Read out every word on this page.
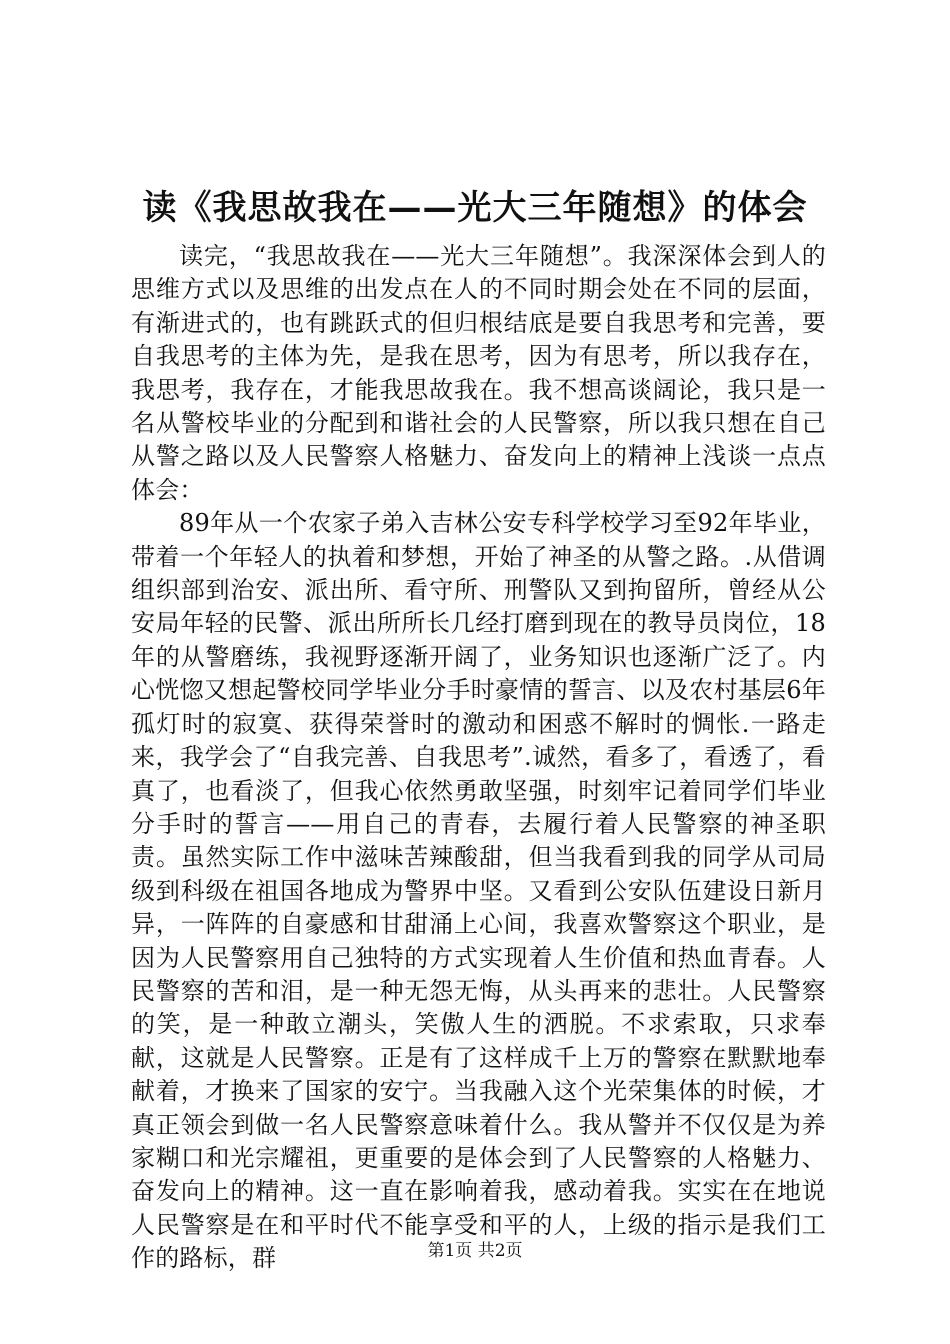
读《我思故我在——光大三年随想》的体会

读完，“我思故我在——光大三年随想”。我深深体会到人的思维方式以及思维的出发点在人的不同时期会处在不同的层面，有渐进式的，也有跳跃式的但归根结底是要自我思考和完善，要自我思考的主体为先，是我在思考，因为有思考，所以我存在，我思考，我存在，才能我思故我在。我不想高谈阔论，我只是一名从警校毕业的分配到和谐社会的人民警察，所以我只想在自己从警之路以及人民警察人格魅力、奋发向上的精神上浅谈一点点体会：

89年从一个农家子弟入吉林公安专科学校学习至92年毕业，带着一个年轻人的执着和梦想，开始了神圣的从警之路。.从借调组织部到治安、派出所、看守所、刑警队又到拘留所，曾经从公安局年轻的民警、派出所所长几经打磨到现在的教导员岗位，18年的从警磨练，我视野逐渐开阔了，业务知识也逐渐广泛了。内心恍惚又想起警校同学毕业分手时豪情的誓言、以及农村基层6年孤灯时的寂寞、获得荣誉时的激动和困惑不解时的惆怅.一路走来，我学会了“自我完善、自我思考”.诚然，看多了，看透了，看真了，也看淡了，但我心依然勇敢坚强，时刻牢记着同学们毕业分手时的誓言——用自己的青春，去履行着人民警察的神圣职责。虽然实际工作中滋味苦辣酸甜，但当我看到我的同学从司局级到科级在祖国各地成为警界中坚。又看到公安队伍建设日新月异，一阵阵的自豪感和甘甜涌上心间，我喜欢警察这个职业，是因为人民警察用自己独特的方式实现着人生价值和热血青春。人民警察的苦和泪，是一种无怨无悔，从头再来的悲壮。人民警察的笑，是一种敢立潮头，笑傲人生的洒脱。不求索取，只求奉献，这就是人民警察。正是有了这样成千上万的警察在默默地奉献着，才换来了国家的安宁。当我融入这个光荣集体的时候，才真正领会到做一名人民警察意味着什么。我从警并不仅仅是为养家糊口和光宗耀祖，更重要的是体会到了人民警察的人格魅力、奋发向上的精神。这一直在影响着我，感动着我。实实在在地说人民警察是在和平时代不能享受和平的人，上级的指示是我们工作的路标，群	第1页 共2页
